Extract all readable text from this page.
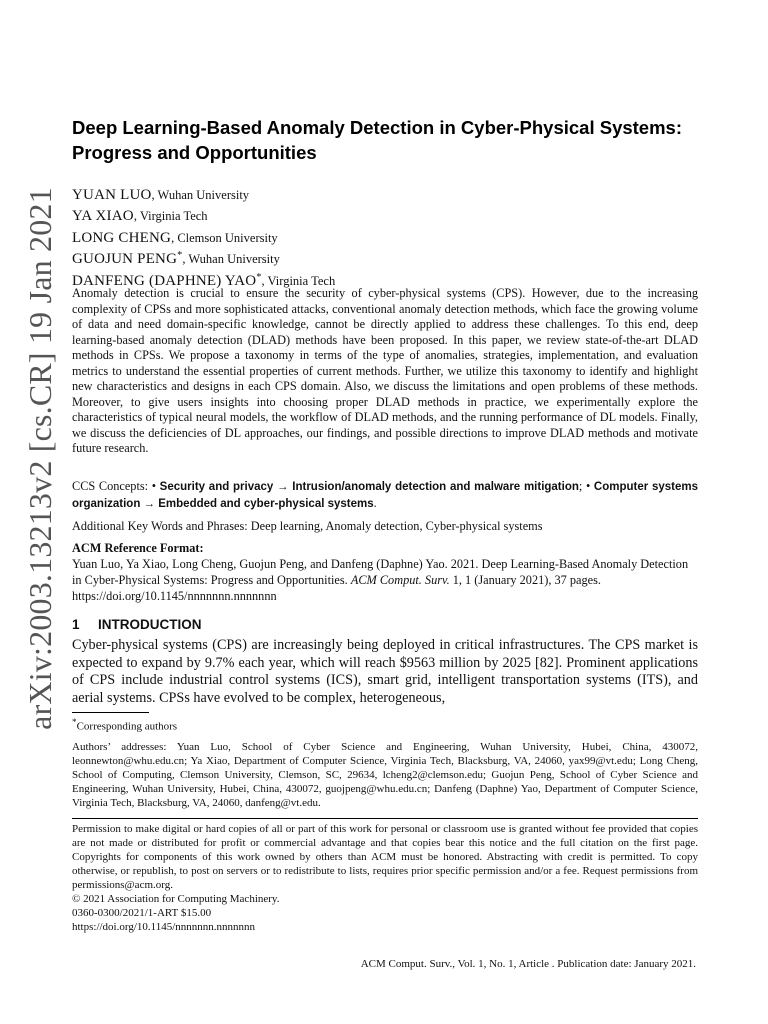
arXiv:2003.13213v2 [cs.CR] 19 Jan 2021
Deep Learning-Based Anomaly Detection in Cyber-Physical Systems: Progress and Opportunities
YUAN LUO, Wuhan University
YA XIAO, Virginia Tech
LONG CHENG, Clemson University
GUOJUN PENG*, Wuhan University
DANFENG (DAPHNE) YAO*, Virginia Tech

Anomaly detection is crucial to ensure the security of cyber-physical systems (CPS). However, due to the increasing complexity of CPSs and more sophisticated attacks, conventional anomaly detection methods, which face the growing volume of data and need domain-specific knowledge, cannot be directly applied to address these challenges. To this end, deep learning-based anomaly detection (DLAD) methods have been proposed. In this paper, we review state-of-the-art DLAD methods in CPSs. We propose a taxonomy in terms of the type of anomalies, strategies, implementation, and evaluation metrics to understand the essential properties of current methods. Further, we utilize this taxonomy to identify and highlight new characteristics and designs in each CPS domain. Also, we discuss the limitations and open problems of these methods. Moreover, to give users insights into choosing proper DLAD methods in practice, we experimentally explore the characteristics of typical neural models, the workflow of DLAD methods, and the running performance of DL models. Finally, we discuss the deficiencies of DL approaches, our findings, and possible directions to improve DLAD methods and motivate future research.

CCS Concepts: • Security and privacy → Intrusion/anomaly detection and malware mitigation; • Computer systems organization → Embedded and cyber-physical systems.
Additional Key Words and Phrases: Deep learning, Anomaly detection, Cyber-physical systems
ACM Reference Format:
Yuan Luo, Ya Xiao, Long Cheng, Guojun Peng, and Danfeng (Daphne) Yao. 2021. Deep Learning-Based Anomaly Detection in Cyber-Physical Systems: Progress and Opportunities. ACM Comput. Surv. 1, 1 (January 2021), 37 pages. https://doi.org/10.1145/nnnnnnn.nnnnnnn
1 INTRODUCTION

Cyber-physical systems (CPS) are increasingly being deployed in critical infrastructures. The CPS market is expected to expand by 9.7% each year, which will reach $9563 million by 2025 [82]. Prominent applications of CPS include industrial control systems (ICS), smart grid, intelligent transportation systems (ITS), and aerial systems. CPSs have evolved to be complex, heterogeneous,

*Corresponding authors

Authors’ addresses: Yuan Luo, School of Cyber Science and Engineering, Wuhan University, Hubei, China, 430072, leonnewton@whu.edu.cn; Ya Xiao, Department of Computer Science, Virginia Tech, Blacksburg, VA, 24060, yax99@vt.edu; Long Cheng, School of Computing, Clemson University, Clemson, SC, 29634, lcheng2@clemson.edu; Guojun Peng, School of Cyber Science and Engineering, Wuhan University, Hubei, China, 430072, guojpeng@whu.edu.cn; Danfeng (Daphne) Yao, Department of Computer Science, Virginia Tech, Blacksburg, VA, 24060, danfeng@vt.edu.

Permission to make digital or hard copies of all or part of this work for personal or classroom use is granted without fee provided that copies are not made or distributed for profit or commercial advantage and that copies bear this notice and the full citation on the first page. Copyrights for components of this work owned by others than ACM must be honored. Abstracting with credit is permitted. To copy otherwise, or republish, to post on servers or to redistribute to lists, requires prior specific permission and/or a fee. Request permissions from permissions@acm.org.
© 2021 Association for Computing Machinery.
0360-0300/2021/1-ART $15.00
https://doi.org/10.1145/nnnnnnn.nnnnnnn
ACM Comput. Surv., Vol. 1, No. 1, Article . Publication date: January 2021.
